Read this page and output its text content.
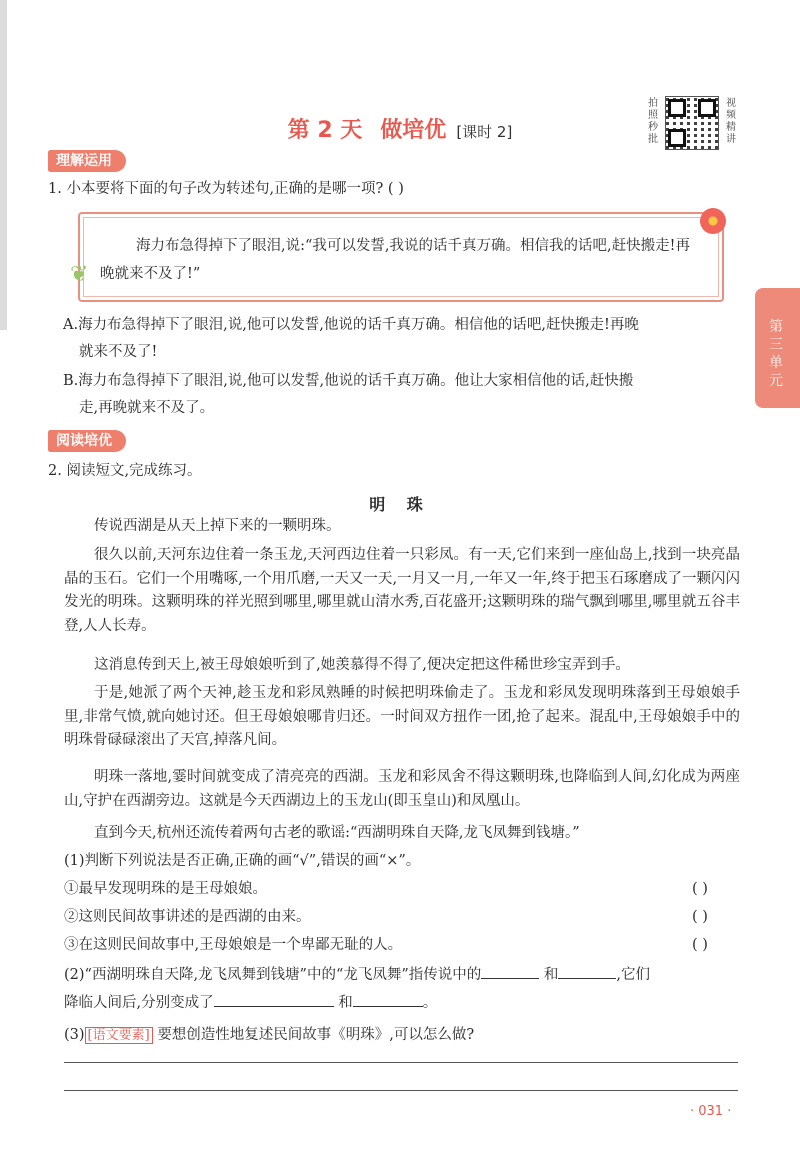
第 2 天 做培优 [课时 2]
拍照秒批
视频精讲
理解运用
1. 小本要将下面的句子改为转述句,正确的是哪一项? ( )
海力布急得掉下了眼泪,说:“我可以发誓,我说的话千真万确。相信我的话吧,赶快搬走!再晚就来不及了!”
❦
A.海力布急得掉下了眼泪,说,他可以发誓,他说的话千真万确。相信他的话吧,赶快搬走!再晚
就来不及了!
B.海力布急得掉下了眼泪,说,他可以发誓,他说的话千真万确。他让大家相信他的话,赶快搬
走,再晚就来不及了。
第三单元
阅读培优
2. 阅读短文,完成练习。
明 珠
传说西湖是从天上掉下来的一颗明珠。
很久以前,天河东边住着一条玉龙,天河西边住着一只彩凤。有一天,它们来到一座仙岛上,找到一块亮晶晶的玉石。它们一个用嘴啄,一个用爪磨,一天又一天,一月又一月,一年又一年,终于把玉石琢磨成了一颗闪闪发光的明珠。这颗明珠的祥光照到哪里,哪里就山清水秀,百花盛开;这颗明珠的瑞气飘到哪里,哪里就五谷丰登,人人长寿。
这消息传到天上,被王母娘娘听到了,她羡慕得不得了,便决定把这件稀世珍宝弄到手。
于是,她派了两个天神,趁玉龙和彩凤熟睡的时候把明珠偷走了。玉龙和彩凤发现明珠落到王母娘娘手里,非常气愤,就向她讨还。但王母娘娘哪肯归还。一时间双方扭作一团,抢了起来。混乱中,王母娘娘手中的明珠骨碌碌滚出了天宫,掉落凡间。
明珠一落地,霎时间就变成了清亮亮的西湖。玉龙和彩凤舍不得这颗明珠,也降临到人间,幻化成为两座山,守护在西湖旁边。这就是今天西湖边上的玉龙山(即玉皇山)和凤凰山。
直到今天,杭州还流传着两句古老的歌谣:“西湖明珠自天降,龙飞凤舞到钱塘。”
(1)判断下列说法是否正确,正确的画“√”,错误的画“×”。
①最早发现明珠的是王母娘娘。	( )
②这则民间故事讲述的是西湖的由来。	( )
③在这则民间故事中,王母娘娘是一个卑鄙无耻的人。	( )
(2)“西湖明珠自天降,龙飞凤舞到钱塘”中的“龙飞凤舞”指传说中的	和	,它们
降临人间后,分别变成了	和	。
(3) [语文要素] 要想创造性地复述民间故事《明珠》,可以怎么做?
· 031 ·
